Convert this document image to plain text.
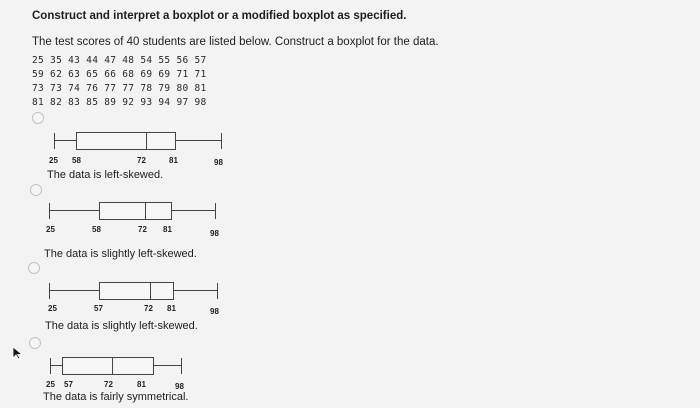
Construct and interpret a boxplot or a modified boxplot as specified.
The test scores of 40 students are listed below. Construct a boxplot for the data.
25 35 43 44 47 48 54 55 56 57
59 62 63 65 66 68 69 69 71 71
73 73 74 76 77 77 78 79 80 81
81 82 83 85 89 92 93 94 97 98
25 58	72	81	98
The data is left-skewed.
25	58	72 81	98
The data is slightly left-skewed.
25	57	72 81	98
The data is slightly left-skewed.
25 57	72	81	98
The data is fairly symmetrical.
